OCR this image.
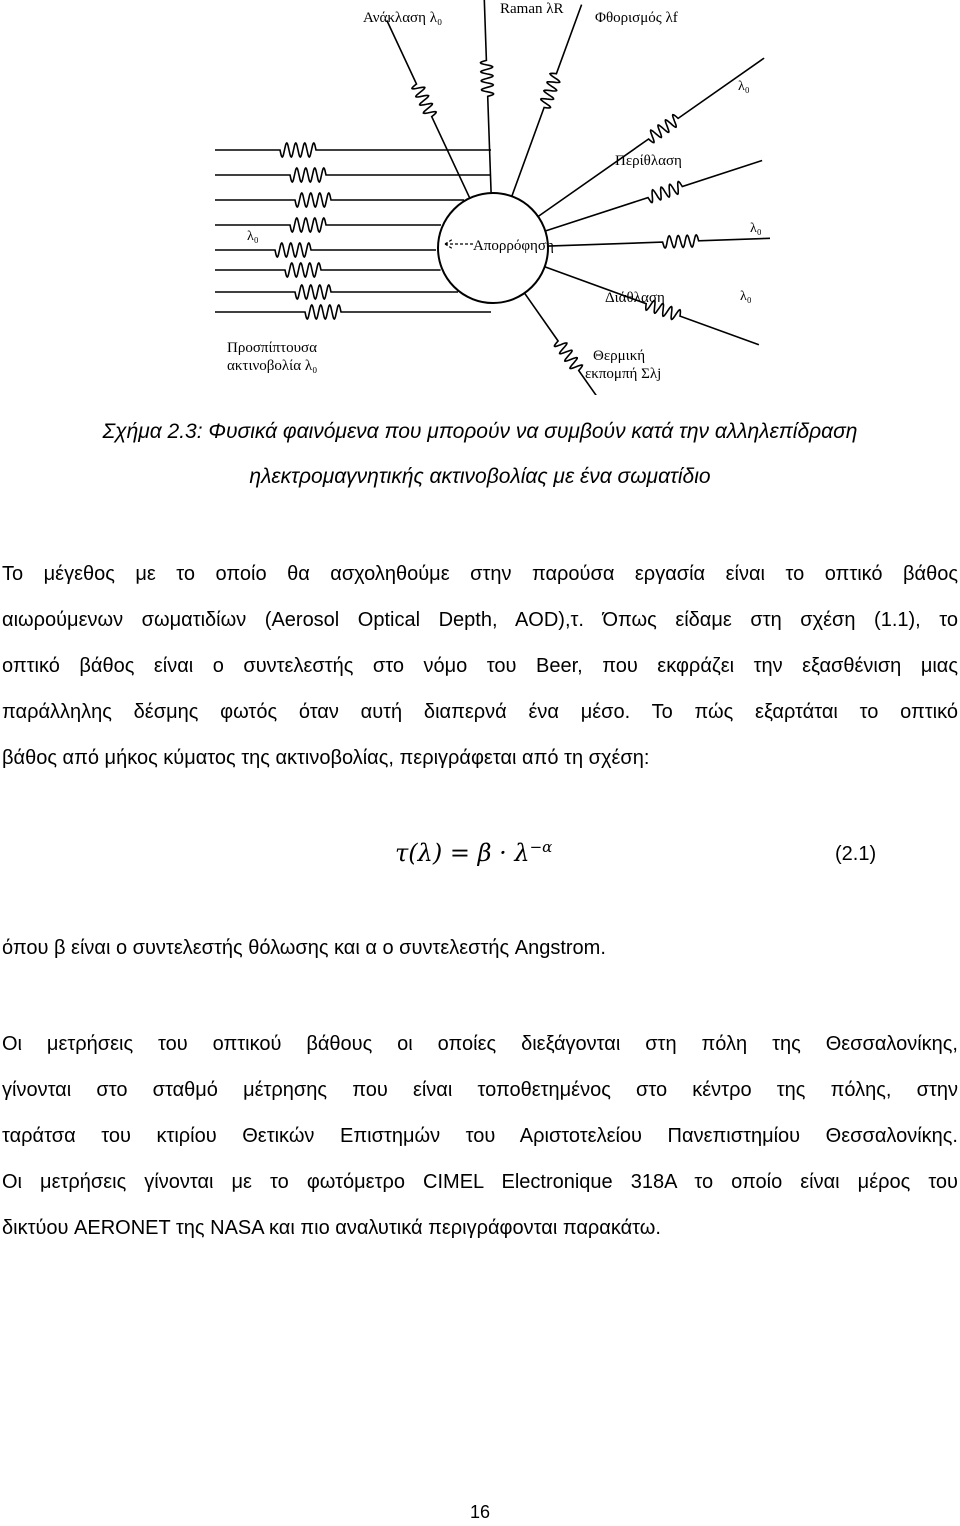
Ανάκλαση λ₀
Raman λR
Φθορισμός λf
λ₀
Περίθλαση
λ₀
Διάθλαση	λ₀
λ₀
Απορρόφηση
Προσπίπτουσα
ακτινοβολία λ₀
Θερμική
εκπομπή Σλj
Σχήμα 2.3: Φυσικά φαινόμενα που μπορούν να συμβούν κατά την αλληλεπίδραση
ηλεκτρομαγνητικής ακτινοβολίας με ένα σωματίδιο
Το μέγεθος με το οποίο θα ασχοληθούμε στην παρούσα εργασία είναι το οπτικό βάθος
αιωρούμενων σωματιδίων (Aerosol Optical Depth, AOD),τ. Όπως είδαμε στη σχέση (1.1), το
οπτικό βάθος είναι ο συντελεστής στο νόμο του Beer, που εκφράζει την εξασθένιση μιας
παράλληλης δέσμης φωτός όταν αυτή διαπερνά ένα μέσο. Το πώς εξαρτάται το οπτικό
βάθος από μήκος κύματος της ακτινοβολίας, περιγράφεται από τη σχέση:
$\tau(\lambda) = \beta \cdot \lambda^{-\alpha}$	(2.1)
όπου β είναι ο συντελεστής θόλωσης και α ο συντελεστής Angstrom.
Οι μετρήσεις του οπτικού βάθους οι οποίες διεξάγονται στη πόλη της Θεσσαλονίκης,
γίνονται στο σταθμό μέτρησης που είναι τοποθετημένος στο κέντρο της πόλης, στην
ταράτσα του κτιρίου Θετικών Επιστημών του Αριστοτελείου Πανεπιστημίου Θεσσαλονίκης.
Οι μετρήσεις γίνονται με το φωτόμετρο CIMEL Electronique 318A το οποίο είναι μέρος του
δικτύου AERONET της NASA και πιο αναλυτικά περιγράφονται παρακάτω.
16
